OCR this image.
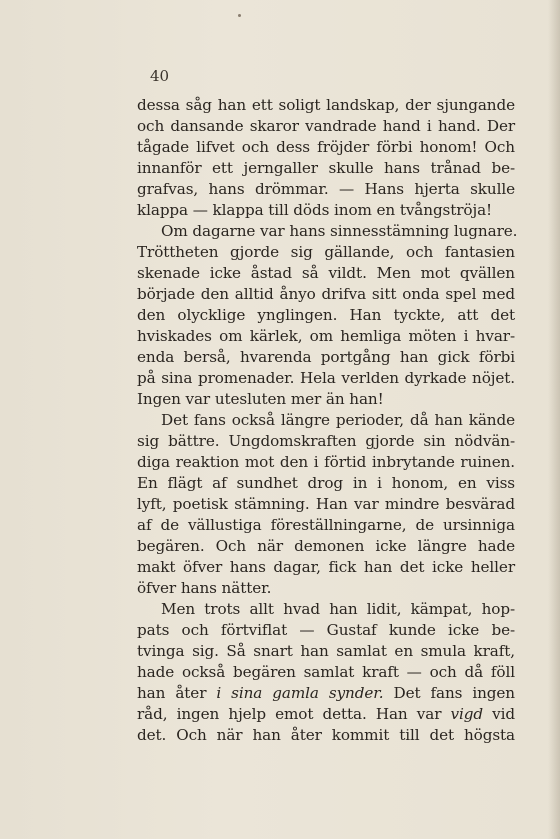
40
dessa såg han ett soligt landskap, der sjungande
och dansande skaror vandrade hand i hand. Der
tågade lifvet och dess fröjder förbi honom! Och
innanför ett jerngaller skulle hans trånad be-
grafvas, hans drömmar. — Hans hjerta skulle
klappa — klappa till döds inom en tvångströja!
Om dagarne var hans sinnesstämning lugnare.
Tröttheten gjorde sig gällande, och fantasien
skenade icke åstad så vildt. Men mot qvällen
började den alltid ånyo drifva sitt onda spel med
den olycklige ynglingen. Han tyckte, att det
hviskades om kärlek, om hemliga möten i hvar-
enda berså, hvarenda portgång han gick förbi
på sina promenader. Hela verlden dyrkade nöjet.
Ingen var utesluten mer än han!
Det fans också längre perioder, då han kände
sig bättre. Ungdomskraften gjorde sin nödvän-
diga reaktion mot den i förtid inbrytande ruinen.
En flägt af sundhet drog in i honom, en viss
lyft, poetisk stämning. Han var mindre besvärad
af de vällustiga föreställningarne, de ursinniga
begären. Och när demonen icke längre hade
makt öfver hans dagar, fick han det icke heller
öfver hans nätter.
Men trots allt hvad han lidit, kämpat, hop-
pats och förtviflat — Gustaf kunde icke be-
tvinga sig. Så snart han samlat en smula kraft,
hade också begären samlat kraft — och då föll
han åter i sina gamla synder. Det fans ingen
råd, ingen hjelp emot detta. Han var vigd vid
det. Och när han åter kommit till det högsta
